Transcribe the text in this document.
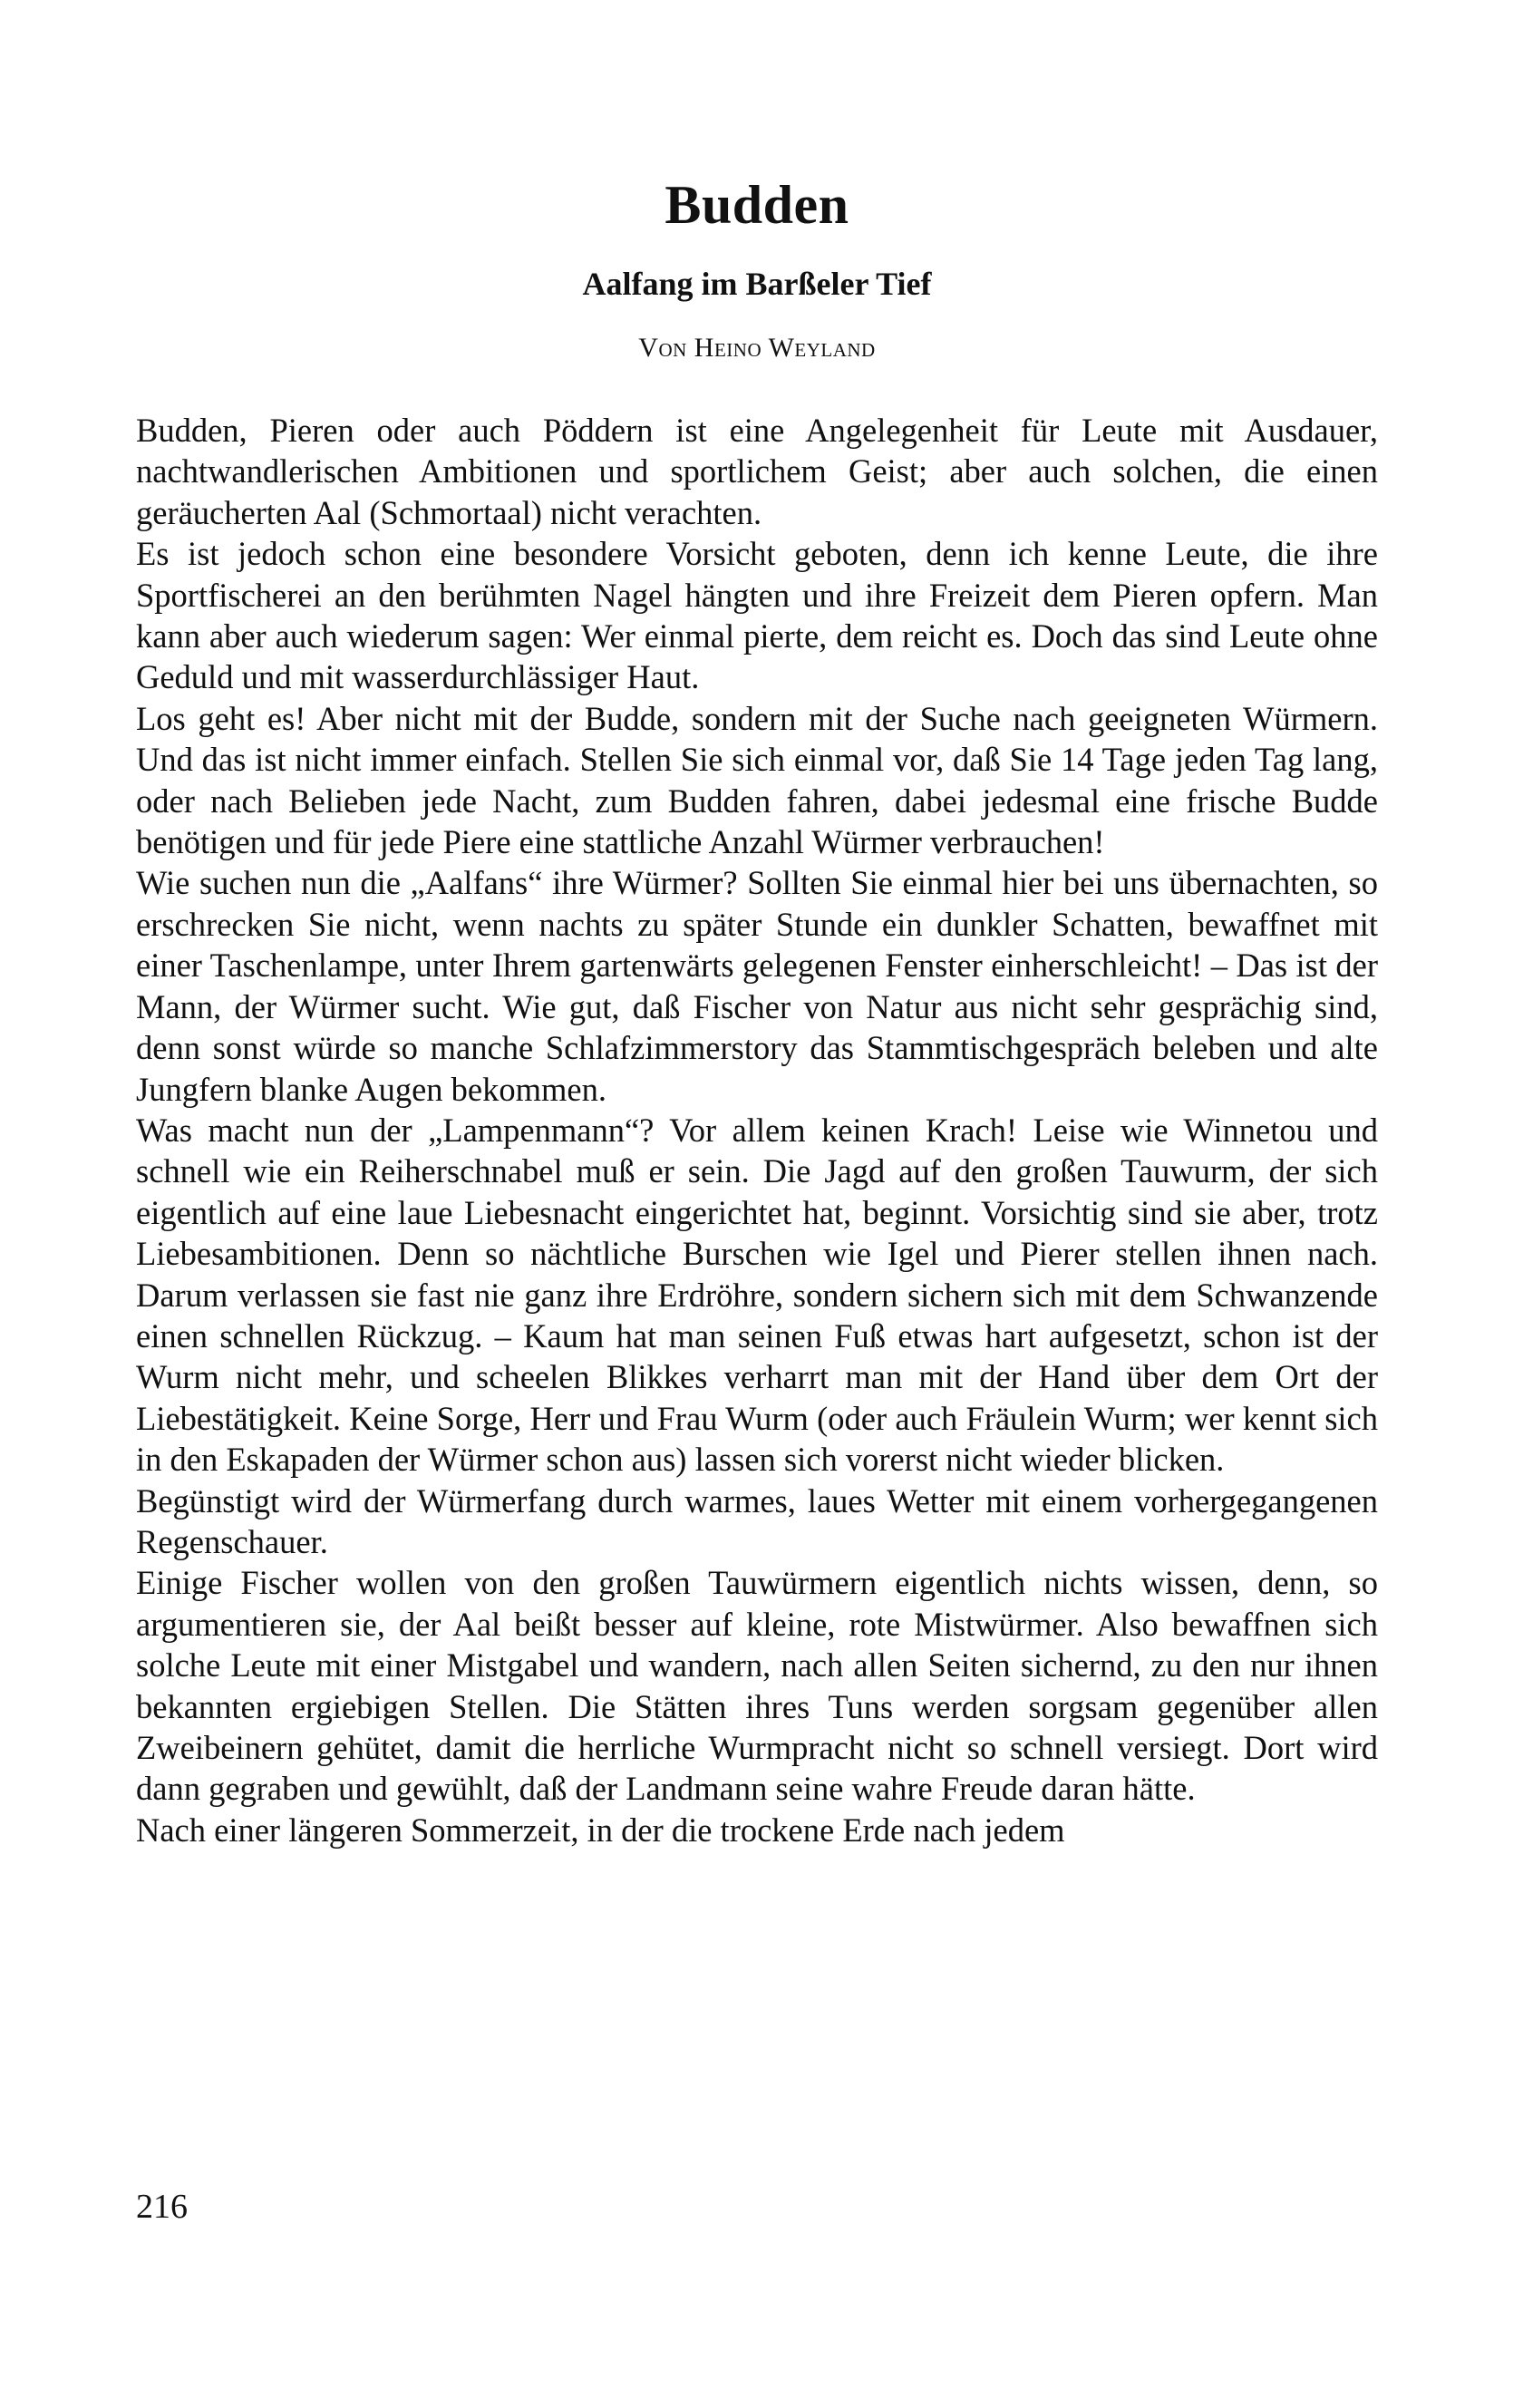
Budden
Aalfang im Barßeler Tief
Von Heino Weyland

Budden, Pieren oder auch Pöddern ist eine Angelegenheit für Leute mit Ausdauer, nachtwandlerischen Ambitionen und sportlichem Geist; aber auch solchen, die einen geräucherten Aal (Schmortaal) nicht verachten.

Es ist jedoch schon eine besondere Vorsicht geboten, denn ich kenne Leute, die ihre Sportfischerei an den berühmten Nagel hängten und ihre Freizeit dem Pieren opfern. Man kann aber auch wiederum sagen: Wer einmal pierte, dem reicht es. Doch das sind Leute ohne Geduld und mit wasserdurchlässiger Haut.

Los geht es! Aber nicht mit der Budde, sondern mit der Suche nach geeigneten Würmern. Und das ist nicht immer einfach. Stellen Sie sich einmal vor, daß Sie 14 Tage jeden Tag lang, oder nach Belieben jede Nacht, zum Budden fahren, dabei jedesmal eine frische Budde benötigen und für jede Piere eine stattliche Anzahl Würmer verbrauchen!

Wie suchen nun die „Aalfans“ ihre Würmer? Sollten Sie einmal hier bei uns übernachten, so erschrecken Sie nicht, wenn nachts zu später Stunde ein dunkler Schatten, bewaffnet mit einer Taschenlampe, unter Ihrem gartenwärts gelegenen Fenster einherschleicht! – Das ist der Mann, der Würmer sucht. Wie gut, daß Fischer von Natur aus nicht sehr gesprächig sind, denn sonst würde so manche Schlafzimmerstory das Stammtischgespräch beleben und alte Jungfern blanke Augen bekommen.

Was macht nun der „Lampenmann“? Vor allem keinen Krach! Leise wie Winnetou und schnell wie ein Reiherschnabel muß er sein. Die Jagd auf den großen Tauwurm, der sich eigentlich auf eine laue Liebesnacht eingerichtet hat, beginnt. Vorsichtig sind sie aber, trotz Liebesambitionen. Denn so nächtliche Burschen wie Igel und Pierer stellen ihnen nach. Darum verlassen sie fast nie ganz ihre Erdröhre, sondern sichern sich mit dem Schwanzende einen schnellen Rückzug. – Kaum hat man seinen Fuß etwas hart aufgesetzt, schon ist der Wurm nicht mehr, und scheelen Blikkes verharrt man mit der Hand über dem Ort der Liebestätigkeit. Keine Sorge, Herr und Frau Wurm (oder auch Fräulein Wurm; wer kennt sich in den Eskapaden der Würmer schon aus) lassen sich vorerst nicht wieder blicken.

Begünstigt wird der Würmerfang durch warmes, laues Wetter mit einem vorhergegangenen Regenschauer.

Einige Fischer wollen von den großen Tauwürmern eigentlich nichts wissen, denn, so argumentieren sie, der Aal beißt besser auf kleine, rote Mistwürmer. Also bewaffnen sich solche Leute mit einer Mistgabel und wandern, nach allen Seiten sichernd, zu den nur ihnen bekannten ergiebigen Stellen. Die Stätten ihres Tuns werden sorgsam gegenüber allen Zweibeinern gehütet, damit die herrliche Wurmpracht nicht so schnell versiegt. Dort wird dann gegraben und gewühlt, daß der Landmann seine wahre Freude daran hätte.

Nach einer längeren Sommerzeit, in der die trockene Erde nach jedem

216
